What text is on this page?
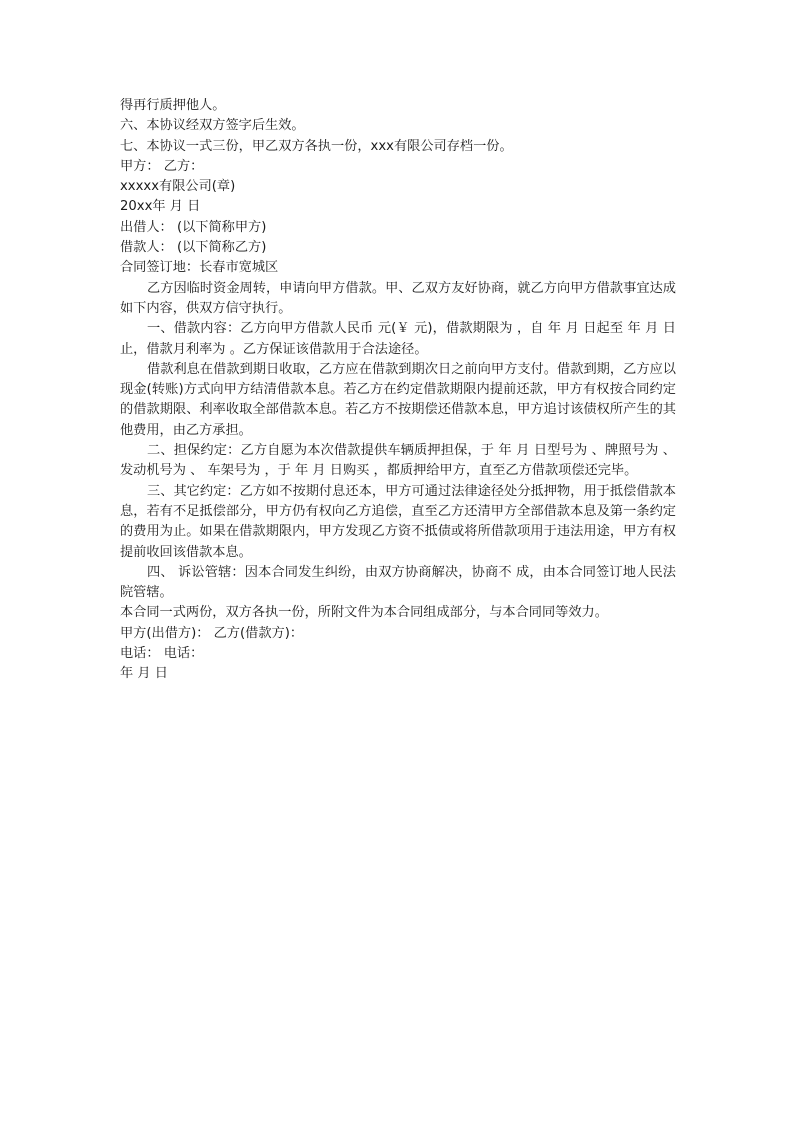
得再行质押他人。

六、本协议经双方签字后生效。

七、本协议一式三份，甲乙双方各执一份，xxx有限公司存档一份。

甲方： 乙方：

xxxxx有限公司(章)

20xx年 月 日

出借人： (以下简称甲方)

借款人： (以下简称乙方)

合同签订地：长春市宽城区

乙方因临时资金周转，申请向甲方借款。甲、乙双方友好协商，就乙方向甲方借款事宜达成如下内容，供双方信守执行。

一、借款内容：乙方向甲方借款人民币 元(￥ 元)，借款期限为 ，自 年 月 日起至 年 月 日止，借款月利率为 。乙方保证该借款用于合法途径。

借款利息在借款到期日收取，乙方应在借款到期次日之前向甲方支付。借款到期，乙方应以现金(转账)方式向甲方结清借款本息。若乙方在约定借款期限内提前还款，甲方有权按合同约定的借款期限、利率收取全部借款本息。若乙方不按期偿还借款本息，甲方追讨该债权所产生的其他费用，由乙方承担。

二、担保约定：乙方自愿为本次借款提供车辆质押担保，于 年 月 日型号为 、牌照号为 、发动机号为 、 车架号为 ，于 年 月 日购买 ，都质押给甲方，直至乙方借款项偿还完毕。

三、其它约定：乙方如不按期付息还本，甲方可通过法律途径处分抵押物，用于抵偿借款本息，若有不足抵偿部分，甲方仍有权向乙方追偿，直至乙方还清甲方全部借款本息及第一条约定的费用为止。如果在借款期限内，甲方发现乙方资不抵债或将所借款项用于违法用途，甲方有权提前收回该借款本息。

四、 诉讼管辖：因本合同发生纠纷，由双方协商解决，协商不 成，由本合同签订地人民法院管辖。

本合同一式两份，双方各执一份，所附文件为本合同组成部分，与本合同同等效力。

甲方(出借方)： 乙方(借款方)：

电话： 电话：

年 月 日
